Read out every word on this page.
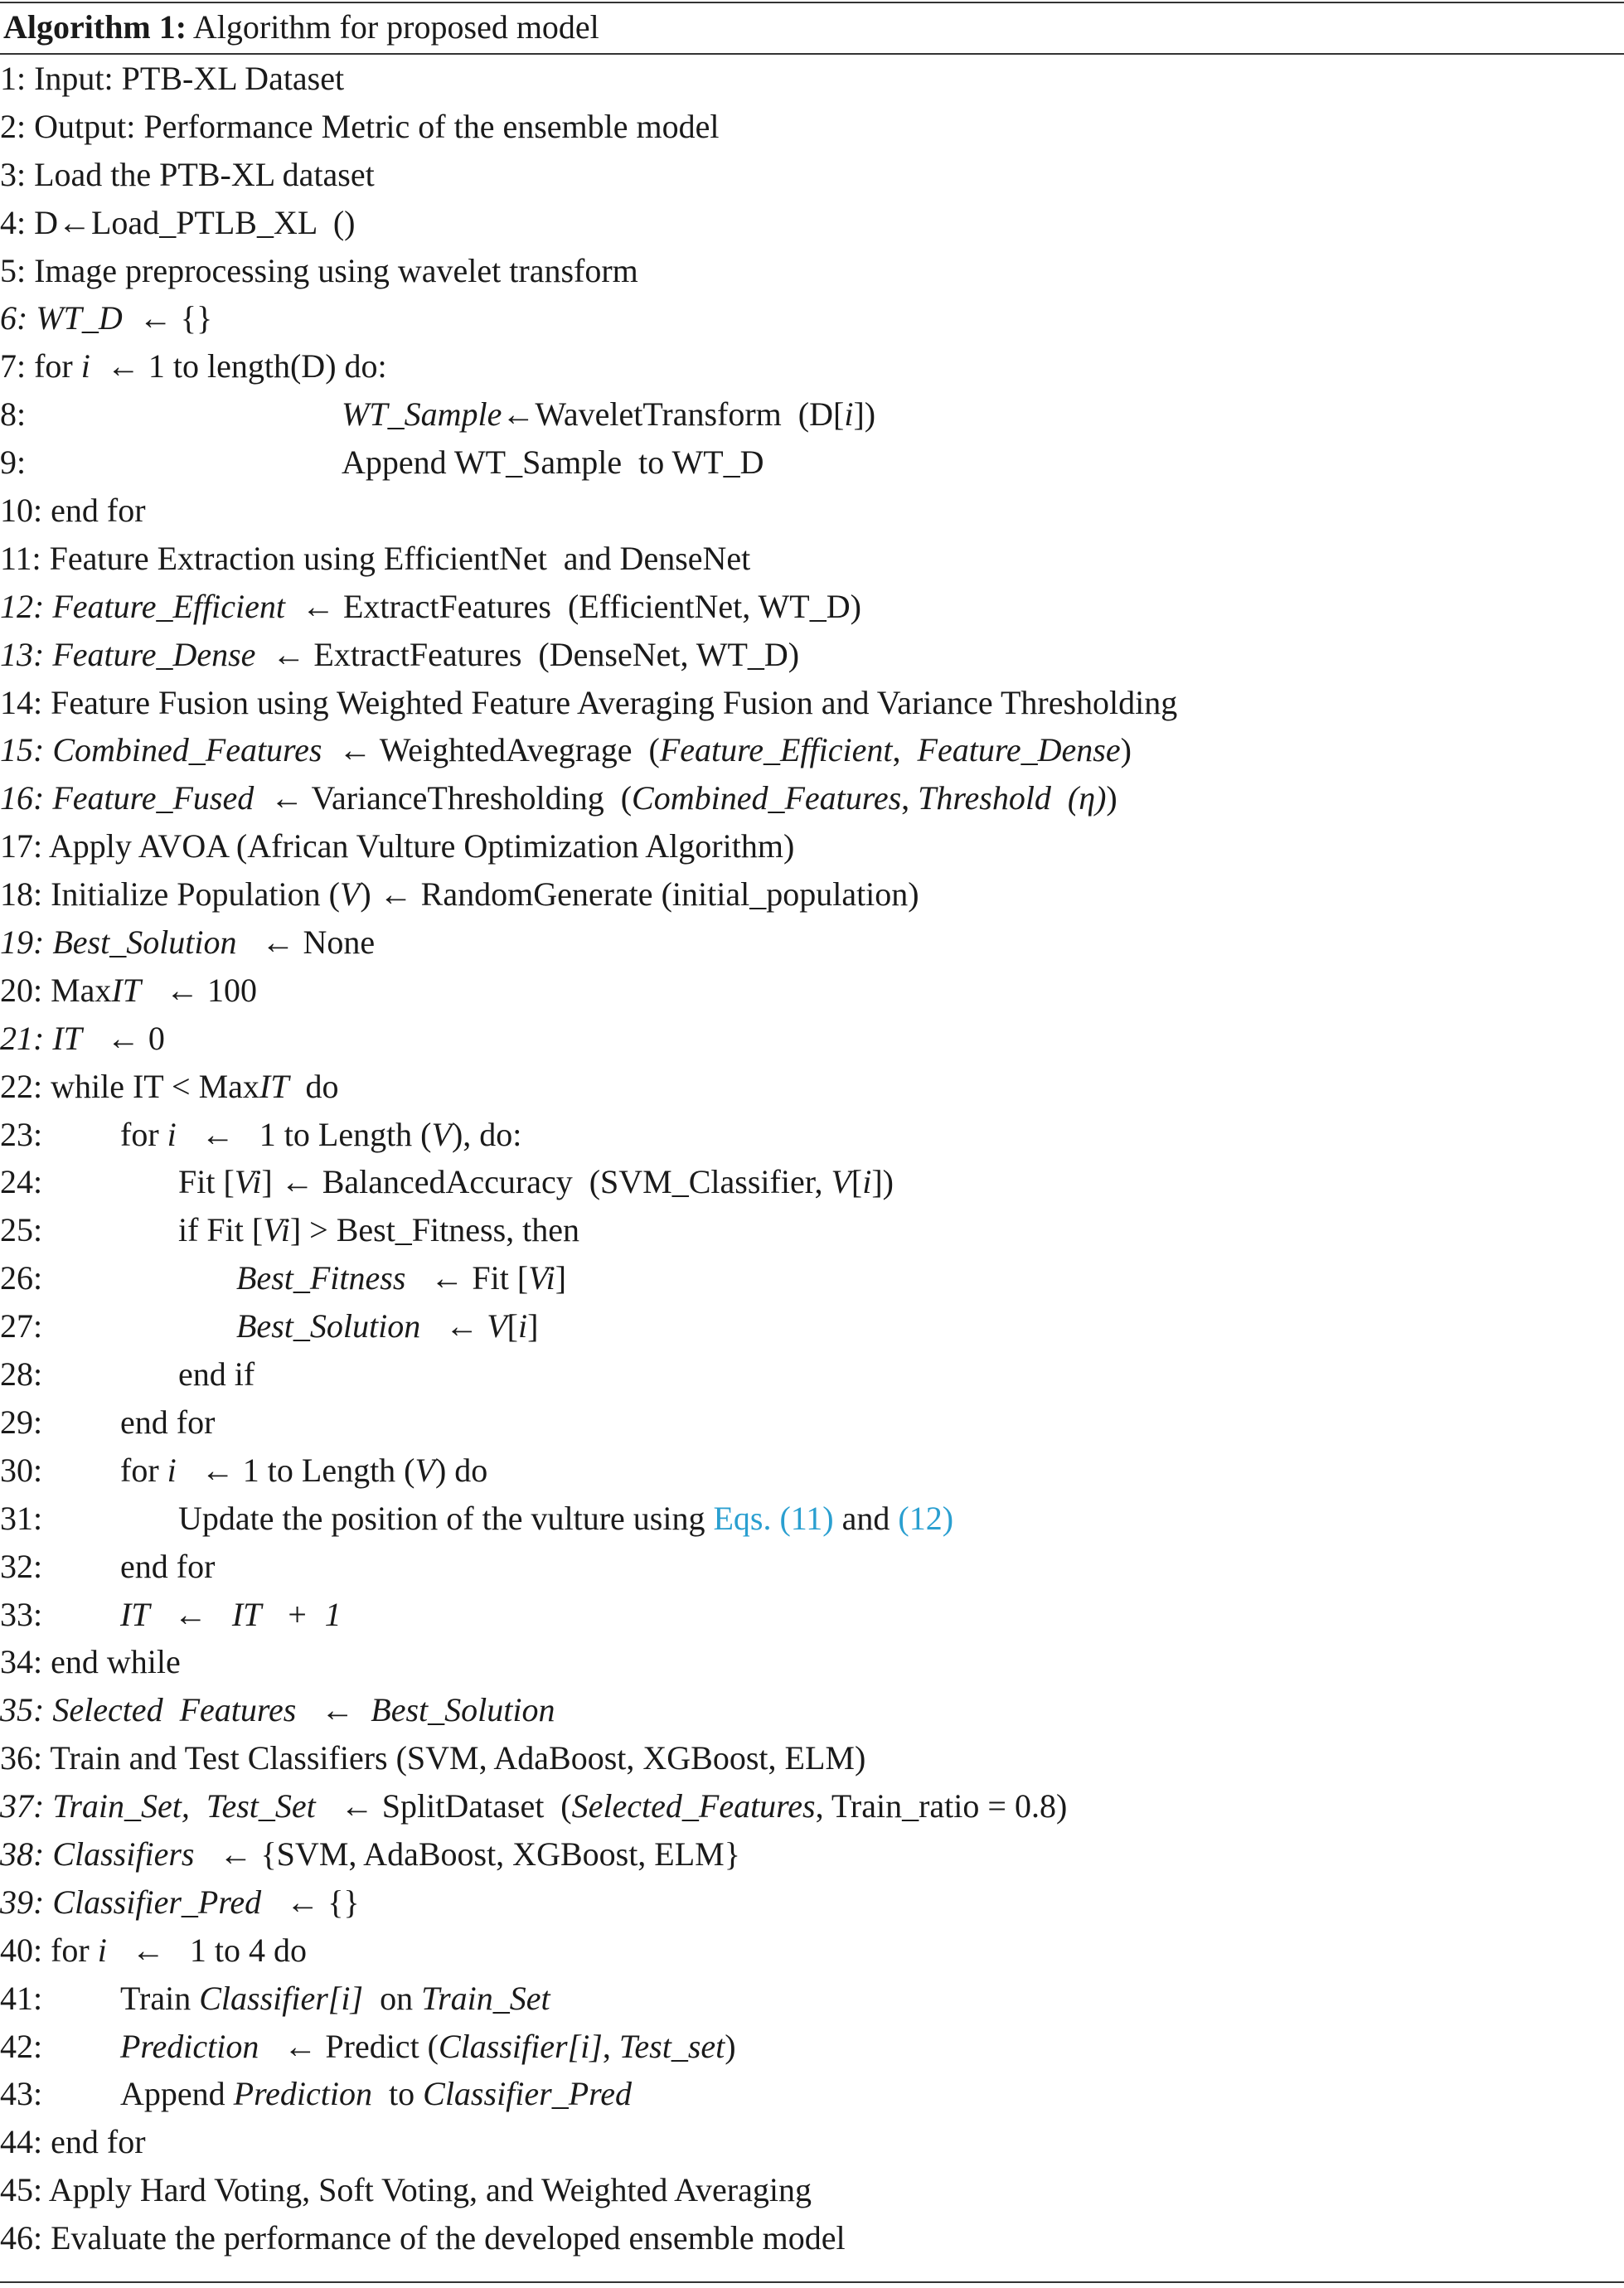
Algorithm 1: Algorithm for proposed model
1: Input: PTB-XL Dataset
2: Output: Performance Metric of the ensemble model
3: Load the PTB-XL dataset
4: D←Load_PTLB_XL  ()
5: Image preprocessing using wavelet transform
6: WT_D  ← {}
7: for i  ← 1 to length(D) do:
8:	WT_Sample←WaveletTransform  (D[i])
9:	Append WT_Sample  to WT_D
10: end for
11: Feature Extraction using EfficientNet  and DenseNet
12: Feature_Efficient  ← ExtractFeatures  (EfficientNet, WT_D)
13: Feature_Dense  ← ExtractFeatures  (DenseNet, WT_D)
14: Feature Fusion using Weighted Feature Averaging Fusion and Variance Thresholding
15: Combined_Features  ← WeightedAvegrage  (Feature_Efficient,  Feature_Dense)
16: Feature_Fused  ← VarianceThresholding  (Combined_Features, Threshold  (η))
17: Apply AVOA (African Vulture Optimization Algorithm)
18: Initialize Population (V) ← RandomGenerate (initial_population)
19: Best_Solution   ← None
20: MaxIT   ← 100
21: IT   ← 0
22: while IT < MaxIT  do
23: for i   ←   1 to Length (V), do:
24:	Fit [Vi] ← BalancedAccuracy  (SVM_Classifier, V[i])
25:	if Fit [Vi] > Best_Fitness, then
26:	Best_Fitness   ← Fit [Vi]
27:	Best_Solution   ← V[i]
28:	end if
29: end for
30: for i   ← 1 to Length (V) do
31:	Update the position of the vulture using Eqs. (11) and (12)
32: end for
33: IT   ←   IT   +  1
34: end while
35: Selected  Features   ←  Best_Solution
36: Train and Test Classifiers (SVM, AdaBoost, XGBoost, ELM)
37: Train_Set,  Test_Set   ← SplitDataset  (Selected_Features, Train_ratio = 0.8)
38: Classifiers   ← {SVM, AdaBoost, XGBoost, ELM}
39: Classifier_Pred   ← {}
40: for i   ←   1 to 4 do
41: Train Classifier[i]  on Train_Set
42: Prediction   ← Predict (Classifier[i], Test_set)
43: Append Prediction  to Classifier_Pred
44: end for
45: Apply Hard Voting, Soft Voting, and Weighted Averaging
46: Evaluate the performance of the developed ensemble model
